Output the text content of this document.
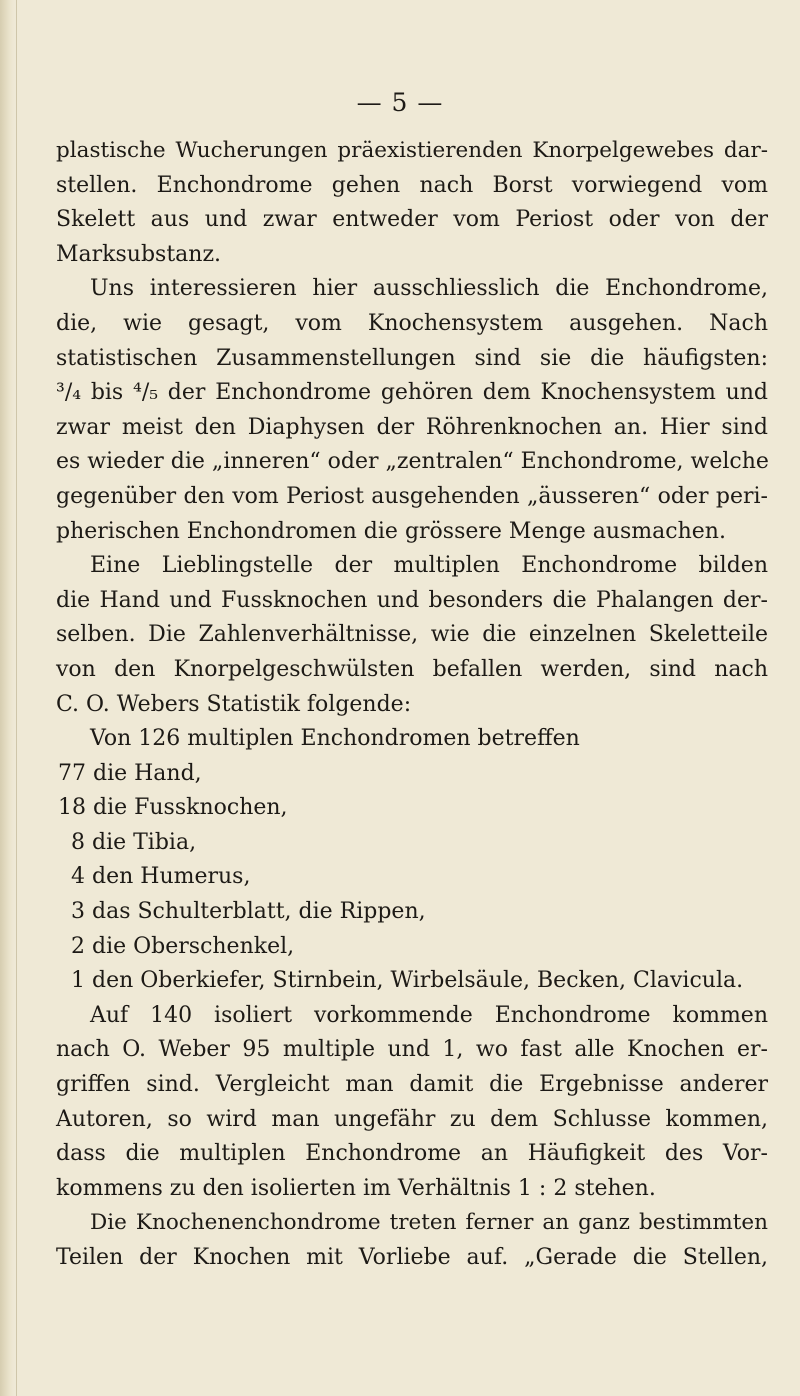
— 5 —
plastische Wucherungen präexistierenden Knorpelgewebes dar-
stellen. Enchondrome gehen nach Borst vorwiegend vom
Skelett aus und zwar entweder vom Periost oder von der
Marksubstanz.
Uns interessieren hier ausschliesslich die Enchondrome,
die, wie gesagt, vom Knochensystem ausgehen. Nach
statistischen Zusammenstellungen sind sie die häufigsten:
³/₄ bis ⁴/₅ der Enchondrome gehören dem Knochensystem und
zwar meist den Diaphysen der Röhrenknochen an. Hier sind
es wieder die „inneren“ oder „zentralen“ Enchondrome, welche
gegenüber den vom Periost ausgehenden „äusseren“ oder peri-
pherischen Enchondromen die grössere Menge ausmachen.
Eine Lieblingstelle der multiplen Enchondrome bilden
die Hand und Fussknochen und besonders die Phalangen der-
selben. Die Zahlenverhältnisse, wie die einzelnen Skeletteile
von den Knorpelgeschwülsten befallen werden, sind nach
C. O. Webers Statistik folgende:
Von 126 multiplen Enchondromen betreffen
77 die Hand,
18 die Fussknochen,
8 die Tibia,
4 den Humerus,
3 das Schulterblatt, die Rippen,
2 die Oberschenkel,
1 den Oberkiefer, Stirnbein, Wirbelsäule, Becken, Clavicula.
Auf 140 isoliert vorkommende Enchondrome kommen
nach O. Weber 95 multiple und 1, wo fast alle Knochen er-
griffen sind. Vergleicht man damit die Ergebnisse anderer
Autoren, so wird man ungefähr zu dem Schlusse kommen,
dass die multiplen Enchondrome an Häufigkeit des Vor-
kommens zu den isolierten im Verhältnis 1 : 2 stehen.
Die Knochenenchondrome treten ferner an ganz bestimmten
Teilen der Knochen mit Vorliebe auf. „Gerade die Stellen,
